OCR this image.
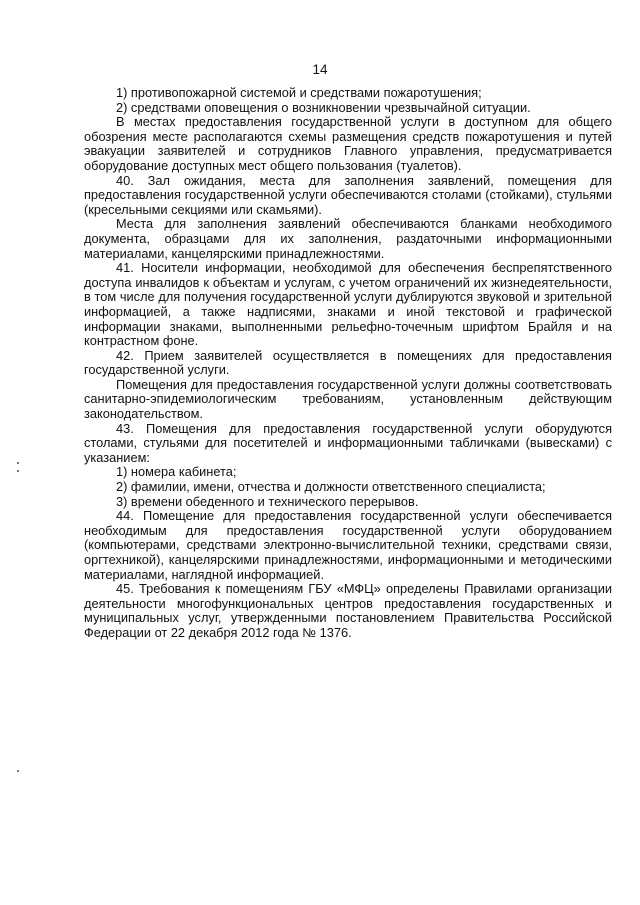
14

1) противопожарной системой и средствами пожаротушения;

2) средствами оповещения о возникновении чрезвычайной ситуации.

В местах предоставления государственной услуги в доступном для общего обозрения месте располагаются схемы размещения средств пожаротушения и путей эвакуации заявителей и сотрудников Главного управления, предусматривается оборудование доступных мест общего пользования (туалетов).

40. Зал ожидания, места для заполнения заявлений, помещения для предоставления государственной услуги обеспечиваются столами (стойками), стульями (кресельными секциями или скамьями).

Места для заполнения заявлений обеспечиваются бланками необходимого документа, образцами для их заполнения, раздаточными информационными материалами, канцелярскими принадлежностями.

41. Носители информации, необходимой для обеспечения беспрепятственного доступа инвалидов к объектам и услугам, с учетом ограничений их жизнедеятельности, в том числе для получения государственной услуги дублируются звуковой и зрительной информацией, а также надписями, знаками и иной текстовой и графической информации знаками, выполненными рельефно-точечным шрифтом Брайля и на контрастном фоне.

42. Прием заявителей осуществляется в помещениях для предоставления государственной услуги.

Помещения для предоставления государственной услуги должны соответствовать санитарно-эпидемиологическим требованиям, установленным действующим законодательством.

43. Помещения для предоставления государственной услуги оборудуются столами, стульями для посетителей и информационными табличками (вывесками) с указанием:

1) номера кабинета;

2) фамилии, имени, отчества и должности ответственного специалиста;

3) времени обеденного и технического перерывов.

44. Помещение для предоставления государственной услуги обеспечивается необходимым для предоставления государственной услуги оборудованием (компьютерами, средствами электронно-вычислительной техники, средствами связи, оргтехникой), канцелярскими принадлежностями, информационными и методическими материалами, наглядной информацией.

45. Требования к помещениям ГБУ «МФЦ» определены Правилами организации деятельности многофункциональных центров предоставления государственных и муниципальных услуг, утвержденными постановлением Правительства Российской Федерации от 22 декабря 2012 года № 1376.
